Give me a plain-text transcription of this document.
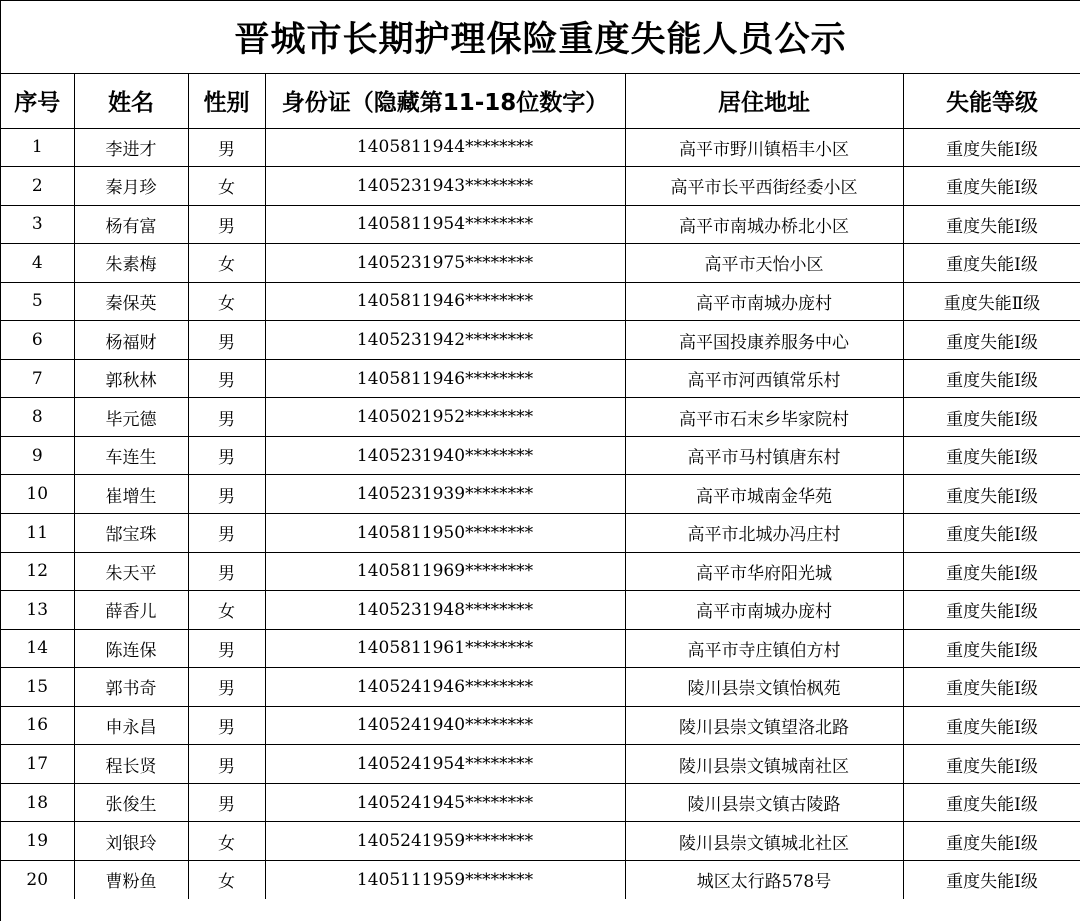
晋城市长期护理保险重度失能人员公示
序号	姓名	性别	身份证（隐藏第11-18位数字）	居住地址	失能等级
1	李进才	男	1405811944********	高平市野川镇梧丰小区	重度失能I级
2	秦月珍	女	1405231943********	高平市长平西街经委小区	重度失能I级
3	杨有富	男	1405811954********	高平市南城办桥北小区	重度失能I级
4	朱素梅	女	1405231975********	高平市天怡小区	重度失能I级
5	秦保英	女	1405811946********	高平市南城办庞村	重度失能Ⅱ级
6	杨福财	男	1405231942********	高平国投康养服务中心	重度失能I级
7	郭秋林	男	1405811946********	高平市河西镇常乐村	重度失能I级
8	毕元德	男	1405021952********	高平市石末乡毕家院村	重度失能I级
9	车连生	男	1405231940********	高平市马村镇唐东村	重度失能I级
10	崔增生	男	1405231939********	高平市城南金华苑	重度失能I级
11	郜宝珠	男	1405811950********	高平市北城办冯庄村	重度失能I级
12	朱天平	男	1405811969********	高平市华府阳光城	重度失能I级
13	薛香儿	女	1405231948********	高平市南城办庞村	重度失能I级
14	陈连保	男	1405811961********	高平市寺庄镇伯方村	重度失能I级
15	郭书奇	男	1405241946********	陵川县崇文镇怡枫苑	重度失能Ⅰ级
16	申永昌	男	1405241940********	陵川县崇文镇望洛北路	重度失能Ⅰ级
17	程长贤	男	1405241954********	陵川县崇文镇城南社区	重度失能Ⅰ级
18	张俊生	男	1405241945********	陵川县崇文镇古陵路	重度失能Ⅰ级
19	刘银玲	女	1405241959********	陵川县崇文镇城北社区	重度失能Ⅰ级
20	曹粉鱼	女	1405111959********	城区太行路578号	重度失能I级
